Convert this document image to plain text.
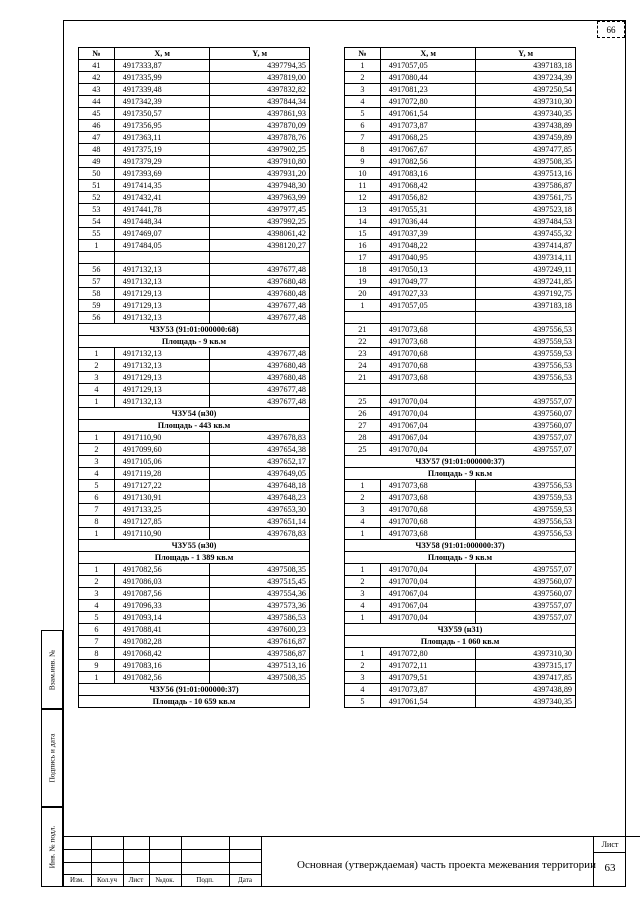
66
№	X, м	Y, м
41	4917333,87	4397794,35
42	4917335,99	4397819,00
43	4917339,48	4397832,82
44	4917342,39	4397844,34
45	4917350,57	4397861,93
46	4917356,95	4397870,09
47	4917363,11	4397878,76
48	4917375,19	4397902,25
49	4917379,29	4397910,80
50	4917393,69	4397931,20
51	4917414,35	4397948,30
52	4917432,41	4397963,99
53	4917441,78	4397977,45
54	4917448,34	4397992,25
55	4917469,07	4398061,42
1	4917484,05	4398120,27

56	4917132,13	4397677,48
57	4917132,13	4397680,48
58	4917129,13	4397680,48
59	4917129,13	4397677,48
56	4917132,13	4397677,48
ЧЗУ53 (91:01:000000:68)		
Площадь - 9 кв.м		
1	4917132,13	4397677,48
2	4917132,13	4397680,48
3	4917129,13	4397680,48
4	4917129,13	4397677,48
1	4917132,13	4397677,48
ЧЗУ54 (н30)		
Площадь - 443 кв.м		
1	4917110,90	4397678,83
2	4917099,60	4397654,38
3	4917105,06	4397652,17
4	4917119,28	4397649,05
5	4917127,22	4397648,18
6	4917130,91	4397648,23
7	4917133,25	4397653,30
8	4917127,85	4397651,14
1	4917110,90	4397678,83
ЧЗУ55 (н30)		
Площадь - 1 389 кв.м		
1	4917082,56	4397508,35
2	4917086,03	4397515,45
3	4917087,56	4397554,36
4	4917096,33	4397573,36
5	4917093,14	4397586,53
6	4917088,41	4397600,23
7	4917082,28	4397616,87
8	4917068,42	4397586,87
9	4917083,16	4397513,16
1	4917082,56	4397508,35
ЧЗУ56 (91:01:000000:37)		
Площадь - 10 659 кв.м		
№	X, м	Y, м
1	4917057,05	4397183,18
2	4917080,44	4397234,39
3	4917081,23	4397250,54
4	4917072,80	4397310,30
5	4917061,54	4397340,35
6	4917073,87	4397438,89
7	4917068,25	4397459,89
8	4917067,67	4397477,85
9	4917082,56	4397508,35
10	4917083,16	4397513,16
11	4917068,42	4397586,87
12	4917056,82	4397561,75
13	4917055,31	4397523,18
14	4917036,44	4397484,53
15	4917037,39	4397455,32
16	4917048,22	4397414,87
17	4917040,95	4397314,11
18	4917050,13	4397249,11
19	4917049,77	4397241,85
20	4917027,33	4397192,75
1	4917057,05	4397183,18

21	4917073,68	4397556,53
22	4917073,68	4397559,53
23	4917070,68	4397559,53
24	4917070,68	4397556,53
21	4917073,68	4397556,53

25	4917070,04	4397557,07
26	4917070,04	4397560,07
27	4917067,04	4397560,07
28	4917067,04	4397557,07
25	4917070,04	4397557,07
ЧЗУ57 (91:01:000000:37)		
Площадь - 9 кв.м		
1	4917073,68	4397556,53
2	4917073,68	4397559,53
3	4917070,68	4397559,53
4	4917070,68	4397556,53
1	4917073,68	4397556,53
ЧЗУ58 (91:01:000000:37)		
Площадь - 9 кв.м		
1	4917070,04	4397557,07
2	4917070,04	4397560,07
3	4917067,04	4397560,07
4	4917067,04	4397557,07
1	4917070,04	4397557,07
ЧЗУ59 (н31)		
Площадь - 1 060 кв.м		
1	4917072,80	4397310,30
2	4917072,11	4397315,17
3	4917079,51	4397417,85
4	4917073,87	4397438,89
5	4917061,54	4397340,35
Взам.инв. №
Подпись и дата
Инв. № подл.
Изм.	Кол.уч	Лист	№док.	Подп.	Дата
Основная (утверждаемая) часть проекта межевания территории
Лист
63
